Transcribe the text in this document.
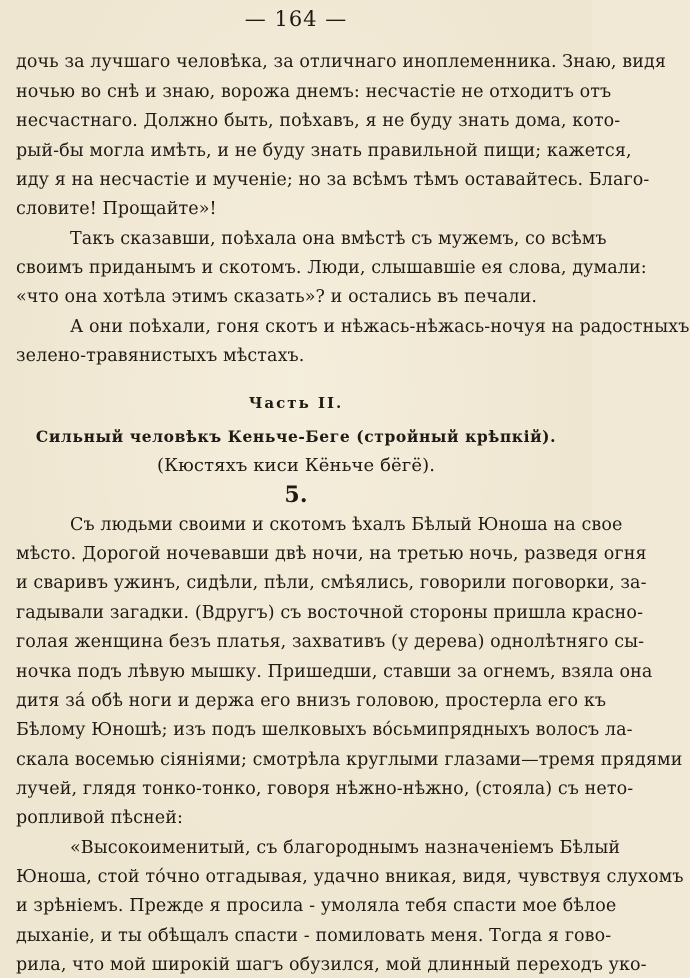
— 164 —
дочь за лучшаго человѣка, за отличнаго иноплеменника. Знаю, видя
ночью во снѣ и знаю, ворожа днемъ: несчастіе не отходитъ отъ
несчастнаго. Должно быть, поѣхавъ, я не буду знать дома, кото-
рый-бы могла имѣть, и не буду знать правильной пищи; кажется,
иду я на несчастіе и мученіе; но за всѣмъ тѣмъ оставайтесь. Благо-
словите! Прощайте»!
Такъ сказавши, поѣхала она вмѣстѣ съ мужемъ, со всѣмъ
своимъ приданымъ и скотомъ. Люди, слышавшіе ея слова, думали:
«что она хотѣла этимъ сказать»? и остались въ печали.
А они поѣхали, гоня скотъ и нѣжась-нѣжась-ночуя на радостныхъ
зелено-травянистыхъ мѣстахъ.
Часть II.
Сильный человѣкъ Кеньче-Беге (стройный крѣпкій).
(Кюстяхъ киси Кёньче бёгё).
5.
Съ людьми своими и скотомъ ѣхалъ Бѣлый Юноша на свое
мѣсто. Дорогой ночевавши двѣ ночи, на третью ночь, разведя огня
и сваривъ ужинъ, сидѣли, пѣли, смѣялись, говорили поговорки, за-
гадывали загадки. (Вдругъ) съ восточной стороны пришла красно-
голая женщина безъ платья, захвативъ (у дерева) однолѣтняго сы-
ночка подъ лѣвую мышку. Пришедши, ставши за огнемъ, взяла она
дитя за́ обѣ ноги и держа его внизъ головою, простерла его къ
Бѣлому Юношѣ; изъ подъ шелковыхъ во́сьмипрядныхъ волосъ ла-
скала восемью сіяніями; смотрѣла круглыми глазами—тремя прядями
лучей, глядя тонко-тонко, говоря нѣжно-нѣжно, (стояла) съ нето-
ропливой пѣсней:
«Высокоименитый, съ благороднымъ назначеніемъ Бѣлый
Юноша, стой то́чно отгадывая, удачно вникая, видя, чувствуя слухомъ
и зрѣніемъ. Прежде я просила - умоляла тебя спасти мое бѣлое
дыханіе, и ты обѣщалъ спасти - помиловать меня. Тогда я гово-
рила, что мой широкій шагъ обузился, мой длинный переходъ уко-
